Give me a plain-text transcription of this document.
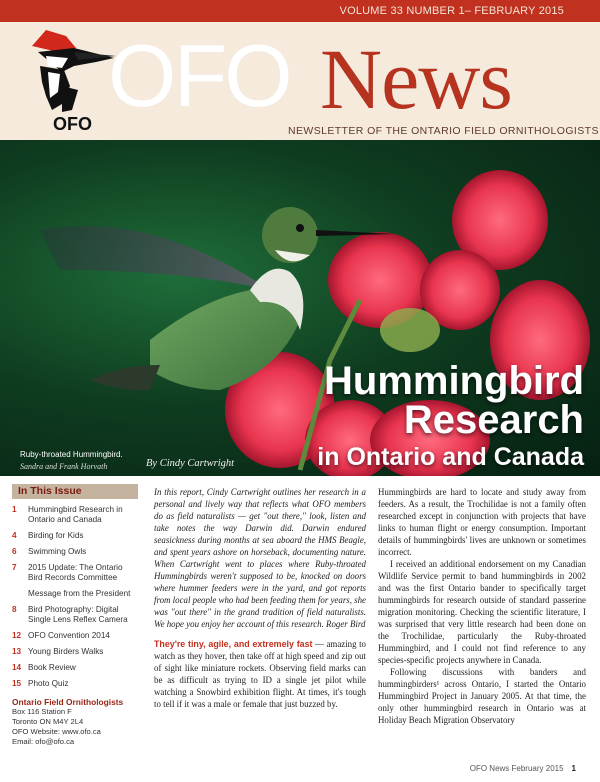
VOLUME 33 NUMBER 1– FEBRUARY 2015
OFO OFO News
NEWSLETTER OF THE ONTARIO FIELD ORNITHOLOGISTS
Hummingbird
Research
in Ontario and Canada
Ruby-throated Hummingbird.
Sandra and Frank Horvath	By Cindy Cartwright
In This Issue
1	Hummingbird Research in Ontario and Canada
4	Birding for Kids
6	Swimming Owls
7	2015 Update: The Ontario Bird Records Committee
Message from the President
8	Bird Photography: Digital Single Lens Reflex Camera
12 OFO Convention 2014
13 Young Birders Walks
14 Book Review
15 Photo Quiz
Ontario Field Ornithologists
Box 116 Station F
Toronto ON M4Y 2L4
OFO Website: www.ofo.ca
Email: ofo@ofo.ca

In this report, Cindy Cartwright outlines her research in a personal and lively way that reflects what OFO members do as field naturalists — get "out there," look, listen and take notes the way Darwin did. Darwin endured seasickness during months at sea aboard the HMS Beagle, and spent years ashore on horseback, documenting nature. When Cartwright went to places where Ruby-throated Hummingbirds weren't supposed to be, knocked on doors where hummer feeders were in the yard, and got reports from local people who had been feeding them for years, she was "out there" in the grand tradition of field naturalists. We hope you enjoy her account of this research. Roger Bird

They're tiny, agile, and extremely fast — amazing to watch as they hover, then take off at high speed and zip out of sight like miniature rockets. Observing field marks can be as difficult as trying to ID a single jet pilot while watching a Snowbird exhibition flight. At times, it's tough to tell if it was a male or female that just buzzed by.

Hummingbirds are hard to locate and study away from feeders. As a result, the Trochilidae is not a family often researched except in conjunction with projects that have links to human flight or energy consumption. Important details of hummingbirds' lives are unknown or sometimes incorrect.

I received an additional endorsement on my Canadian Wildlife Service permit to band hummingbirds in 2002 and was the first Ontario bander to specifically target hummingbirds for research outside of standard passerine migration monitoring. Checking the scientific literature, I was surprised that very little research had been done on the Trochilidae, particularly the Ruby-throated Hummingbird, and I could not find reference to any species-specific projects anywhere in Canada.

Following discussions with banders and hummingbirders¹ across Ontario, I started the Ontario Hummingbird Project in January 2005. At that time, the only other hummingbird research in Ontario was at Holiday Beach Migration Observatory

OFO News February 2015 1
